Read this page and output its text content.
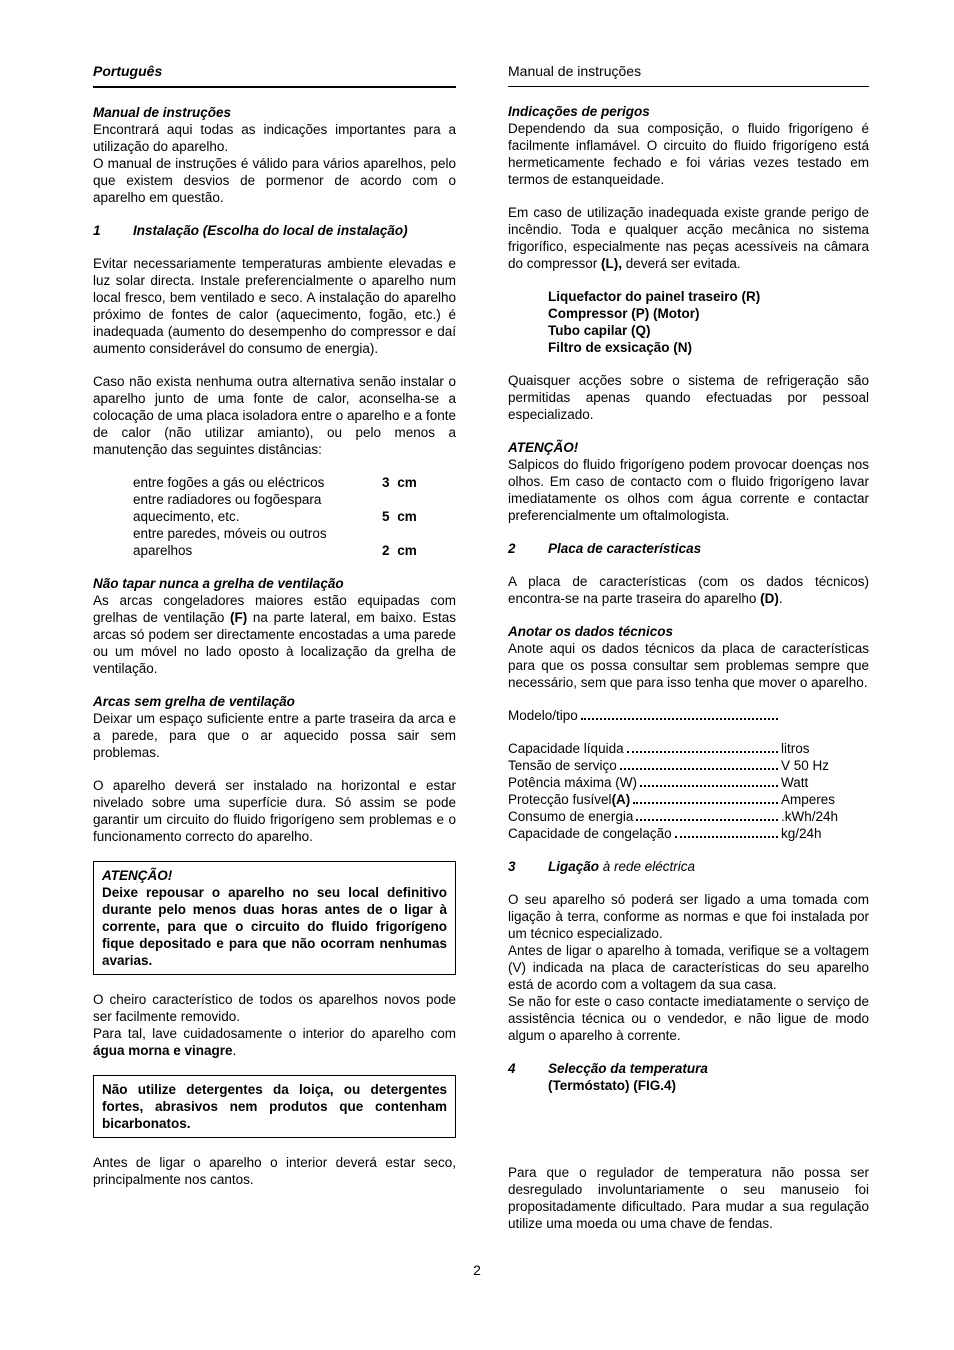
Português
Manual de instruções

Encontrará aqui todas as indicações importantes para a utilização do aparelho.

O manual de instruções é válido para vários aparelhos, pelo que existem desvios de pormenor de acordo com o aparelho em questão.

1	Instalação (Escolha do local de instalação)

Evitar necessariamente temperaturas ambiente elevadas e luz solar directa. Instale preferencialmente o aparelho num local fresco, bem ventilado e seco. A instalação do aparelho próximo de fontes de calor (aquecimento, fogão, etc.) é inadequada (aumento do desempenho do compressor e daí aumento considerável do consumo de energia).

Caso não exista nenhuma outra alternativa senão instalar o aparelho junto de uma fonte de calor, aconselha-se a colocação de uma placa isoladora entre o aparelho e a fonte de calor (não utilizar amianto), ou pelo menos a manutenção das seguintes distâncias:

entre fogões a gás ou eléctricos	3 cm
entre radiadores ou fogõespara aquecimento, etc.	5 cm
entre paredes, móveis ou outros aparelhos	2 cm
Não tapar nunca a grelha de ventilação

As arcas congeladores maiores estão equipadas com grelhas de ventilação (F) na parte lateral, em baixo. Estas arcas só podem ser directamente encostadas a uma parede ou um móvel no lado oposto à localização da grelha de ventilação.

Arcas sem grelha de ventilação

Deixar um espaço suficiente entre a parte traseira da arca e a parede, para que o ar aquecido possa sair sem problemas.

O aparelho deverá ser instalado na horizontal e estar nivelado sobre uma superfície dura. Só assim se pode garantir um circuito do fluido frigorígeno sem problemas e o funcionamento correcto do aparelho.

ATENÇÃO!

Deixe repousar o aparelho no seu local definitivo durante pelo menos duas horas antes de o ligar à corrente, para que o circuito do fluido frigorígeno fique depositado e para que não ocorram nenhumas avarias.

O cheiro característico de todos os aparelhos novos pode ser facilmente removido.

Para tal, lave cuidadosamente o interior do aparelho com água morna e vinagre.

Não utilize detergentes da loiça, ou detergentes fortes, abrasivos nem produtos que contenham bicarbonatos.

Antes de ligar o aparelho o interior deverá estar seco, principalmente nos cantos.

Manual de instruções
Indicações de perigos

Dependendo da sua composição, o fluido frigorígeno é facilmente inflamável. O circuito do fluido frigorígeno está hermeticamente fechado e foi várias vezes testado em termos de estanqueidade.

Em caso de utilização inadequada existe grande perigo de incêndio. Toda e qualquer acção mecânica no sistema frigorífico, especialmente nas peças acessíveis na câmara do compressor (L), deverá ser evitada.

Liquefactor do painel traseiro (R)
Compressor (P) (Motor)
Tubo capilar (Q)
Filtro de exsicação (N)

Quaisquer acções sobre o sistema de refrigeração são permitidas apenas quando efectuadas por pessoal especializado.

ATENÇÃO!

Salpicos do fluido frigorígeno podem provocar doenças nos olhos. Em caso de contacto com o fluido frigorígeno lavar imediatamente os olhos com água corrente e contactar preferencialmente um oftalmologista.

2	Placa de características

A placa de características (com os dados técnicos) encontra-se na parte traseira do aparelho (D).

Anotar os dados técnicos

Anote aqui os dados técnicos da placa de características para que os possa consultar sem problemas sempre que necessário, sem que para isso tenha que mover o aparelho.

Modelo/tipo
Capacidade líquida	litros
Tensão de serviço	V 50 Hz
Potência máxima (W)	Watt
Protecção fusível (A)	Amperes
Consumo de energia	.kWh/24h
Capacidade de congelação	kg/24h
3	Ligação à rede eléctrica

O seu aparelho só poderá ser ligado a uma tomada com ligação à terra, conforme as normas e que foi instalada por um técnico especializado.

Antes de ligar o aparelho à tomada, verifique se a voltagem (V) indicada na placa de características do seu aparelho está de acordo com a voltagem da sua casa.

Se não for este o caso contacte imediatamente o serviço de assistência técnica ou o vendedor, e não ligue de modo algum o aparelho à corrente.

4	Selecção da temperatura
(Termóstato) (FIG.4)

Para que o regulador de temperatura não possa ser desregulado involuntariamente o seu manuseio foi propositadamente dificultado. Para mudar a sua regulação utilize uma moeda ou uma chave de fendas.

2
